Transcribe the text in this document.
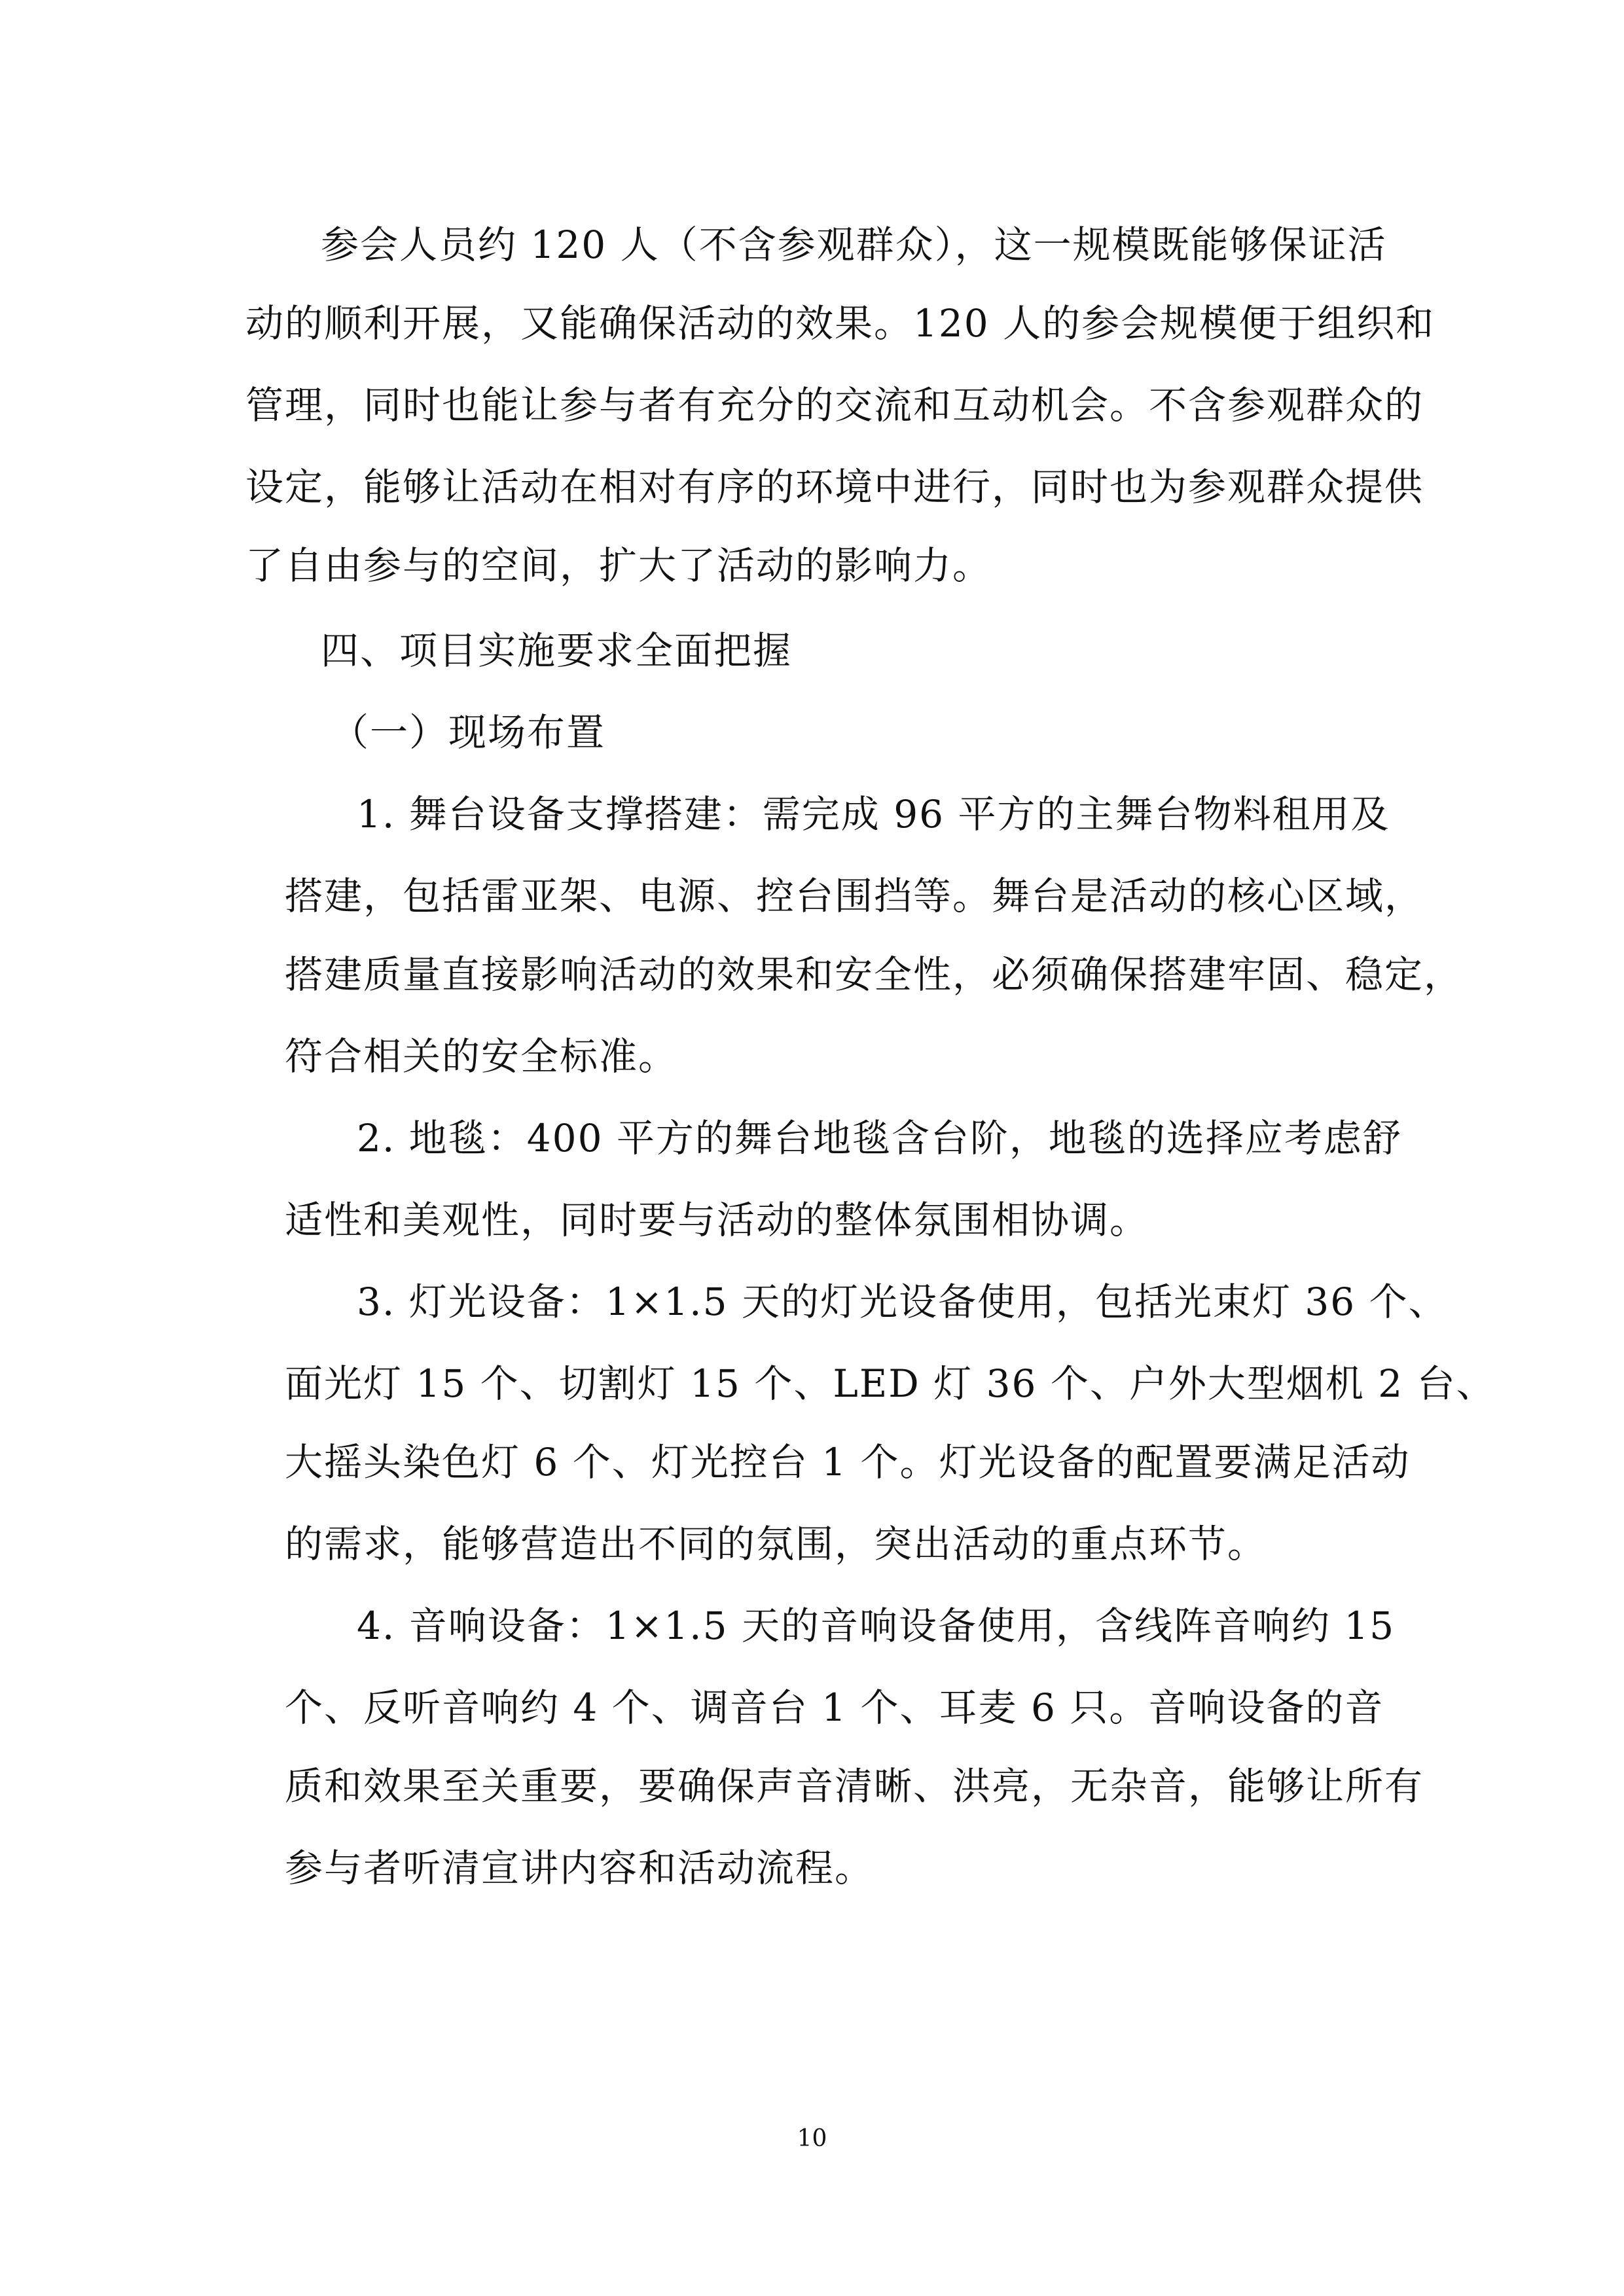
参会人员约 120 人（不含参观群众），这一规模既能够保证活
动的顺利开展，又能确保活动的效果。120 人的参会规模便于组织和
管理，同时也能让参与者有充分的交流和互动机会。不含参观群众的
设定，能够让活动在相对有序的环境中进行，同时也为参观群众提供
了自由参与的空间，扩大了活动的影响力。
四、项目实施要求全面把握
（一）现场布置
1. 舞台设备支撑搭建：需完成 96 平方的主舞台物料租用及
搭建，包括雷亚架、电源、控台围挡等。舞台是活动的核心区域，
搭建质量直接影响活动的效果和安全性，必须确保搭建牢固、稳定，
符合相关的安全标准。
2. 地毯：400 平方的舞台地毯含台阶，地毯的选择应考虑舒
适性和美观性，同时要与活动的整体氛围相协调。
3. 灯光设备：1×1.5 天的灯光设备使用，包括光束灯 36 个、
面光灯 15 个、切割灯 15 个、LED 灯 36 个、户外大型烟机 2 台、
大摇头染色灯 6 个、灯光控台 1 个。灯光设备的配置要满足活动
的需求，能够营造出不同的氛围，突出活动的重点环节。
4. 音响设备：1×1.5 天的音响设备使用，含线阵音响约 15
个、反听音响约 4 个、调音台 1 个、耳麦 6 只。音响设备的音
质和效果至关重要，要确保声音清晰、洪亮，无杂音，能够让所有
参与者听清宣讲内容和活动流程。
10
